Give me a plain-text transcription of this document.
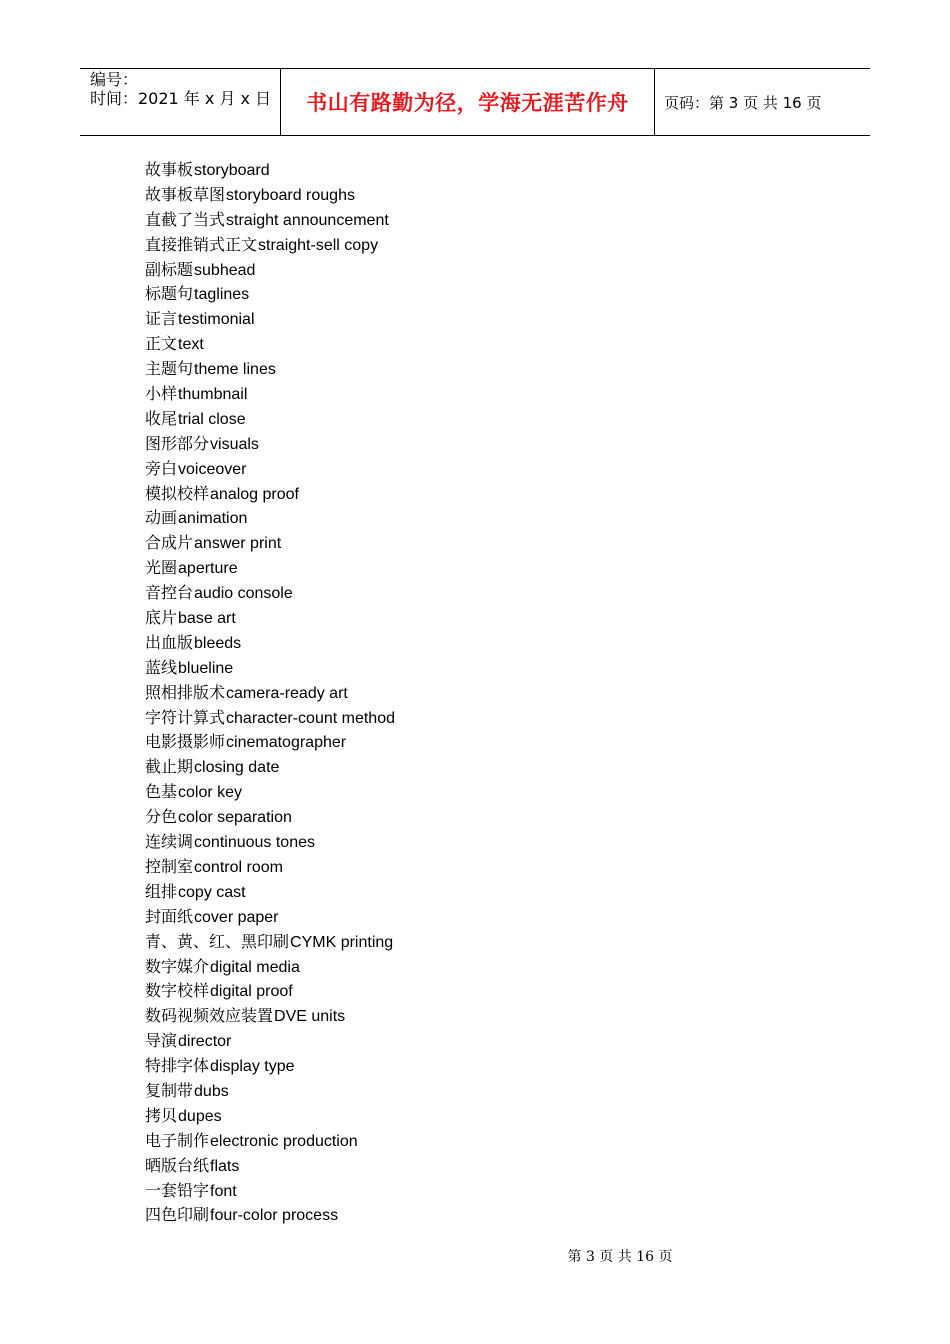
编号：
时间：2021 年 x 月 x 日	书山有路勤为径，学海无涯苦作舟	页码：第 3 页 共 16 页
故事板storyboard
故事板草图storyboard roughs
直截了当式straight announcement
直接推销式正文straight-sell copy
副标题subhead
标题句taglines
证言testimonial
正文text
主题句theme lines
小样thumbnail
收尾trial close
图形部分visuals
旁白voiceover
模拟校样analog proof
动画animation
合成片answer print
光圈aperture
音控台audio console
底片base art
出血版bleeds
蓝线blueline
照相排版术camera-ready art
字符计算式character-count method
电影摄影师cinematographer
截止期closing date
色基color key
分色color separation
连续调continuous tones
控制室control room
组排copy cast
封面纸cover paper
青、黄、红、黑印刷CYMK printing
数字媒介digital media
数字校样digital proof
数码视频效应装置DVE units
导演director
特排字体display type
复制带dubs
拷贝dupes
电子制作electronic production
晒版台纸flats
一套铅字font
四色印刷four-color process
第 3 页 共 16 页
